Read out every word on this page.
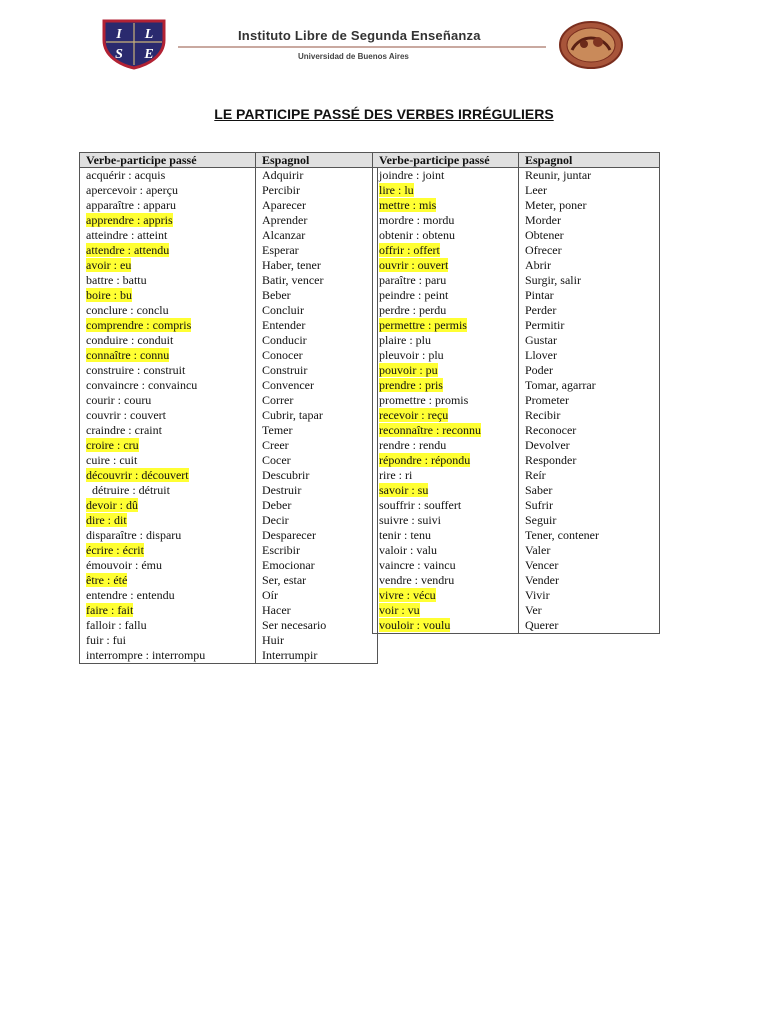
I L
S E
Instituto Libre de Segunda Enseñanza
Universidad de Buenos Aires
LE PARTICIPE PASSÉ DES VERBES IRRÉGULIERS
Verbe-participe passé	Espagnol
acquérir : acquis	Adquirir
apercevoir : aperçu	Percibir
apparaître : apparu	Aparecer
apprendre : appris	Aprender
atteindre : atteint	Alcanzar
attendre : attendu	Esperar
avoir : eu	Haber, tener
battre : battu	Batir, vencer
boire : bu	Beber
conclure : conclu	Concluir
comprendre : compris	Entender
conduire : conduit	Conducir
connaître : connu	Conocer
construire : construit	Construir
convaincre : convaincu	Convencer
courir : couru	Correr
couvrir : couvert	Cubrir, tapar
craindre : craint	Temer
croire : cru	Creer
cuire : cuit	Cocer
découvrir : découvert	Descubrir
détruire : détruit	Destruir
devoir : dû	Deber
dire : dit	Decir
disparaître : disparu	Desparecer
écrire : écrit	Escribir
émouvoir : ému	Emocionar
être : été	Ser, estar
entendre : entendu	Oír
faire : fait	Hacer
falloir : fallu	Ser necesario
fuir : fui	Huir
interrompre : interrompu	Interrumpir
Verbe-participe passé	Espagnol
joindre : joint	Reunir, juntar
lire : lu	Leer
mettre : mis	Meter, poner
mordre : mordu	Morder
obtenir : obtenu	Obtener
offrir : offert	Ofrecer
ouvrir : ouvert	Abrir
paraître : paru	Surgir, salir
peindre : peint	Pintar
perdre : perdu	Perder
permettre : permis	Permitir
plaire : plu	Gustar
pleuvoir : plu	Llover
pouvoir : pu	Poder
prendre : pris	Tomar, agarrar
promettre : promis	Prometer
recevoir : reçu	Recibir
reconnaître : reconnu	Reconocer
rendre : rendu	Devolver
répondre : répondu	Responder
rire : ri	Reír
savoir : su	Saber
souffrir : souffert	Sufrir
suivre : suivi	Seguir
tenir : tenu	Tener, contener
valoir : valu	Valer
vaincre : vaincu	Vencer
vendre : vendru	Vender
vivre : vécu	Vivir
voir : vu	Ver
vouloir : voulu	Querer
